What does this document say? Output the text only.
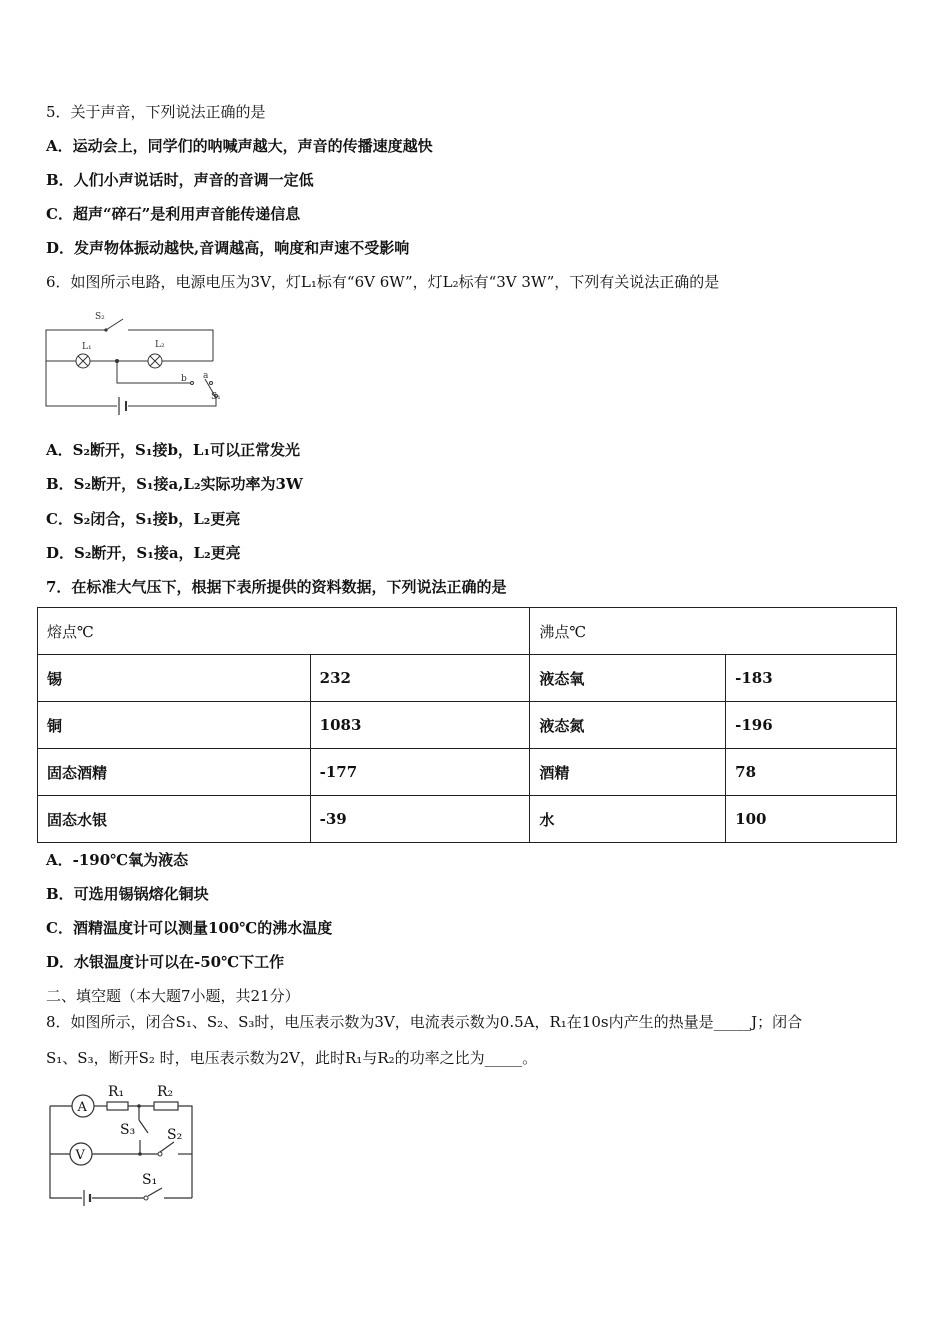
5．关于声音，下列说法正确的是
A．运动会上，同学们的呐喊声越大，声音的传播速度越快
B．人们小声说话时，声音的音调一定低
C．超声“碎石”是利用声音能传递信息
D．发声物体振动越快,音调越高，响度和声速不受影响
6．如图所示电路，电源电压为3V，灯L₁标有“6V 6W”，灯L₂标有“3V 3W”，下列有关说法正确的是
S₂
L₁	L₂
b a
S₁
A．S₂断开，S₁接b，L₁可以正常发光
B．S₂断开，S₁接a,L₂实际功率为3W
C．S₂闭合，S₁接b，L₂更亮
D．S₂断开，S₁接a，L₂更亮
7．在标准大气压下，根据下表所提供的资料数据，下列说法正确的是
熔点℃		沸点℃	
锡	232	液态氧	-183
铜	1083	液态氮	-196
固态酒精	-177	酒精	78
固态水银	-39	水	100
A．-190℃氧为液态
B．可选用锡锅熔化铜块
C．酒精温度计可以测量100℃的沸水温度
D．水银温度计可以在-50℃下工作
二、填空题（本大题7小题，共21分）
8．如图所示，闭合S₁、S₂、S₃时，电压表示数为3V，电流表示数为0.5A，R₁在10s内产生的热量是_____J；闭合
S₁、S₃，断开S₂ 时，电压表示数为2V，此时R₁与R₂的功率之比为_____。
A
V
R₁ R₂
S₃ S₂
S₁
